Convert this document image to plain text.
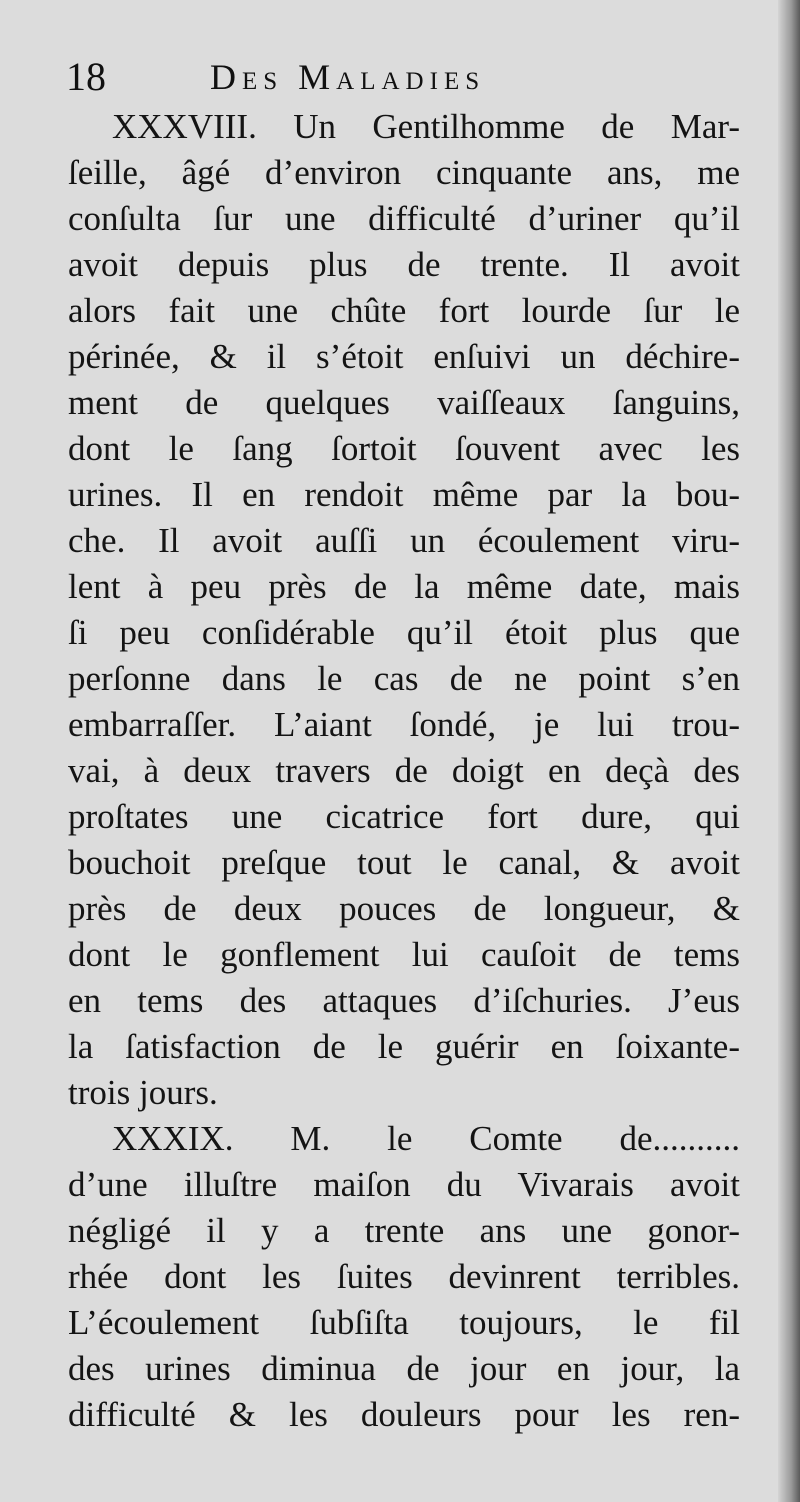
18	Des Maladies
XXXVIII. Un Gentilhomme de Mar-
ſeille, âgé d’environ cinquante ans, me
conſulta ſur une difficulté d’uriner qu’il
avoit depuis plus de trente. Il avoit
alors fait une chûte fort lourde ſur le
périnée, & il s’étoit enſuivi un déchire-
ment de quelques vaiſſeaux ſanguins,
dont le ſang ſortoit ſouvent avec les
urines. Il en rendoit même par la bou-
che. Il avoit auſſi un écoulement viru-
lent à peu près de la même date, mais
ſi peu conſidérable qu’il étoit plus que
perſonne dans le cas de ne point s’en
embarraſſer. L’aiant ſondé, je lui trou-
vai, à deux travers de doigt en deçà des
proſtates une cicatrice fort dure, qui
bouchoit preſque tout le canal, & avoit
près de deux pouces de longueur, &
dont le gonflement lui cauſoit de tems
en tems des attaques d’iſchuries. J’eus
la ſatisfaction de le guérir en ſoixante-
trois jours.
XXXIX. M. le Comte de..........
d’une illuſtre maiſon du Vivarais avoit
négligé il y a trente ans une gonor-
rhée dont les ſuites devinrent terribles.
L’écoulement ſubſiſta toujours, le fil
des urines diminua de jour en jour, la
difficulté & les douleurs pour les ren-
